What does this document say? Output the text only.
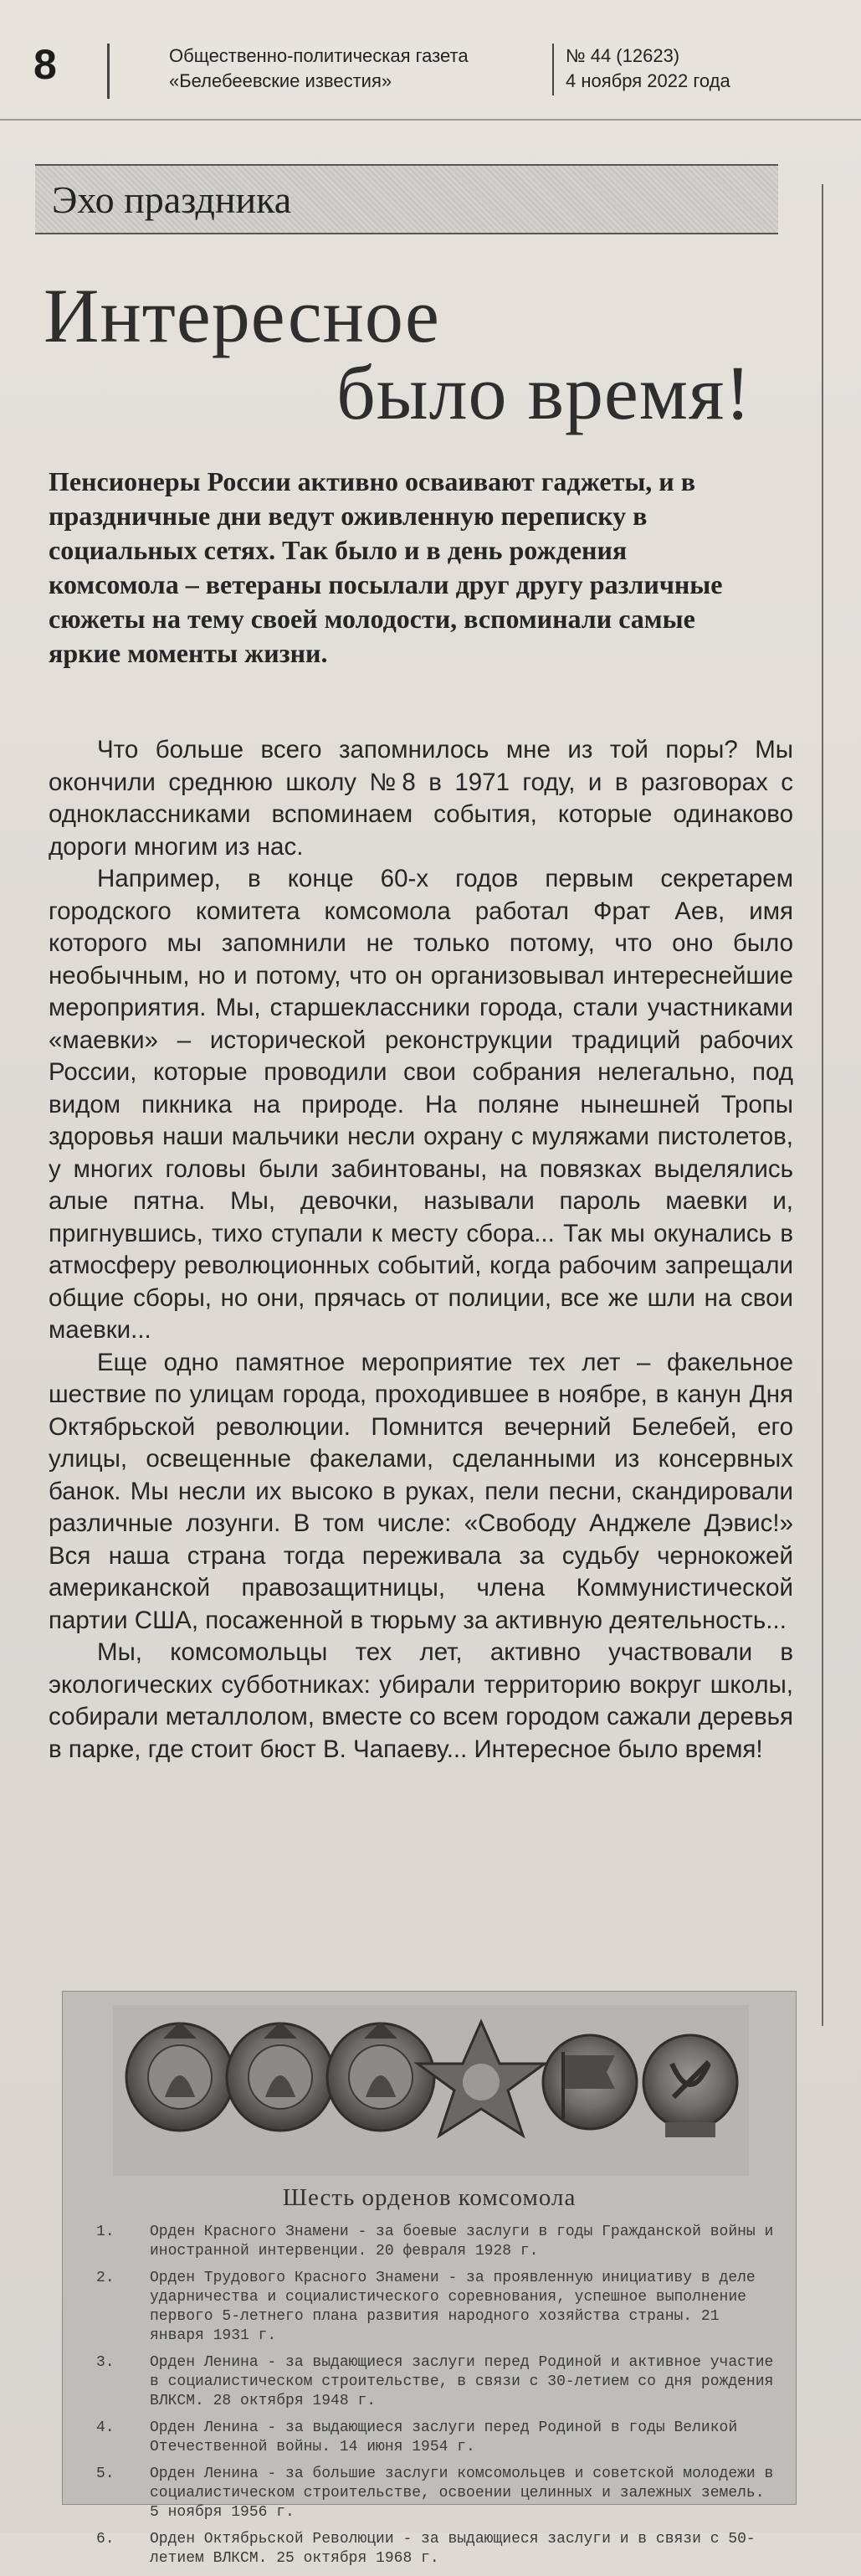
8	Общественно-политическая газета
«Белебеевские известия»
№ 44 (12623)
4 ноября 2022 года
Эхо праздника
Интересное
было время!

Пенсионеры России активно осваивают гаджеты, и в праздничные дни ведут оживленную переписку в социальных сетях. Так было и в день рождения комсомола – ветераны посылали друг другу различные сюжеты на тему своей молодости, вспоминали самые яркие моменты жизни.

Что больше всего запомнилось мне из той поры? Мы окончили среднюю школу №8 в 1971 году, и в разговорах с одноклассниками вспоминаем события, которые одинаково дороги многим из нас.

Например, в конце 60-х годов первым секретарем городского комитета комсомола работал Фрат Аев, имя которого мы запомнили не только потому, что оно было необычным, но и потому, что он организовывал интереснейшие мероприятия. Мы, старшеклассники города, стали участниками «маевки» – исторической реконструкции традиций рабочих России, которые проводили свои собрания нелегально, под видом пикника на природе. На поляне нынешней Тропы здоровья наши мальчики несли охрану с муляжами пистолетов, у многих головы были забинтованы, на повязках выделялись алые пятна. Мы, девочки, называли пароль маевки и, пригнувшись, тихо ступали к месту сбора... Так мы окунались в атмосферу революционных событий, когда рабочим запрещали общие сборы, но они, прячась от полиции, все же шли на свои маевки...

Еще одно памятное мероприятие тех лет – факельное шествие по улицам города, проходившее в ноябре, в канун Дня Октябрьской революции. Помнится вечерний Белебей, его улицы, освещенные факелами, сделанными из консервных банок. Мы несли их высоко в руках, пели песни, скандировали различные лозунги. В том числе: «Свободу Анджеле Дэвис!» Вся наша страна тогда переживала за судьбу чернокожей американской правозащитницы, члена Коммунистической партии США, посаженной в тюрьму за активную деятельность...

Мы, комсомольцы тех лет, активно участвовали в экологических субботниках: убирали территорию вокруг школы, собирали металлолом, вместе со всем городом сажали деревья в парке, где стоит бюст В. Чапаеву... Интересное было время!

Шесть орденов комсомола
1. Орден Красного Знамени - за боевые заслуги в годы Гражданской войны и иностранной интервенции. 20 февраля 1928 г.
2. Орден Трудового Красного Знамени - за проявленную инициативу в деле ударничества и социалистического соревнования, успешное выполнение первого 5-летнего плана развития народного хозяйства страны. 21 января 1931 г.
3. Орден Ленина - за выдающиеся заслуги перед Родиной и активное участие в социалистическом строительстве, в связи с 30-летием со дня рождения ВЛКСМ. 28 октября 1948 г.
4. Орден Ленина - за выдающиеся заслуги перед Родиной в годы Великой Отечественной войны. 14 июня 1954 г.
5. Орден Ленина - за большие заслуги комсомольцев и советской молодежи в социалистическом строительстве, освоении целинных и залежных земель. 5 ноября 1956 г.
6. Орден Октябрьской Революции - за выдающиеся заслуги и в связи с 50-летием ВЛКСМ. 25 октября 1968 г.
